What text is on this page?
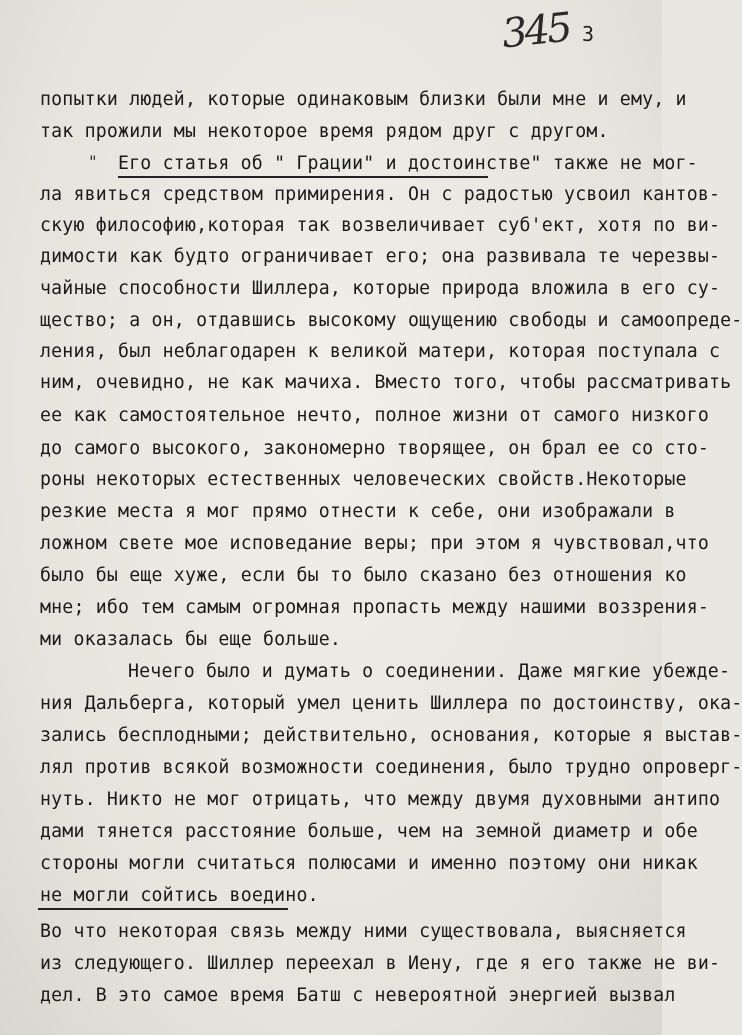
345 3
"
попытки людей, которые одинаковым близки были мне и ему, и
так прожили мы некоторое время рядом друг с другом.
Его статья об " Грации" и достоинстве" также не мог-
ла явиться средством примирения. Он с радостью усвоил кантов-
скую философию,которая так возвеличивает суб'ект, хотя по ви-
димости как будто ограничивает его; она развивала те черезвы-
чайные способности Шиллера, которые природа вложила в его су-
щество; а он, отдавшись высокому ощущению свободы и самоопреде-
ления, был неблагодарен к великой матери, которая поступала с
ним, очевидно, не как мачиха. Вместо того, чтобы рассматривать
ее как самостоятельное нечто, полное жизни от самого низкого
до самого высокого, закономерно творящее, он брал ее со сто-
роны некоторых естественных человеческих свойств.Некоторые
резкие места я мог прямо отнести к себе, они изображали в
ложном свете мое исповедание веры; при этом я чувствовал,что
было бы еще хуже, если бы то было сказано без отношения ко
мне; ибо тем самым огромная пропасть между нашими воззрения-
ми оказалась бы еще больше.
Нечего было и думать о соединении. Даже мягкие убежде-
ния Дальберга, который умел ценить Шиллера по достоинству, ока-
зались бесплодными; действительно, основания, которые я выстав-
лял против всякой возможности соединения, было трудно опроверг-
нуть. Никто не мог отрицать, что между двумя духовными антипо
дами тянется расстояние больше, чем на земной диаметр и обе
стороны могли считаться полюсами и именно поэтому они никак
не могли сойтись воедино.
Во что некоторая связь между ними существовала, выясняется
из следующего. Шиллер переехал в Иену, где я его также не ви-
дел. В это самое время Батш с невероятной энергией вызвал
